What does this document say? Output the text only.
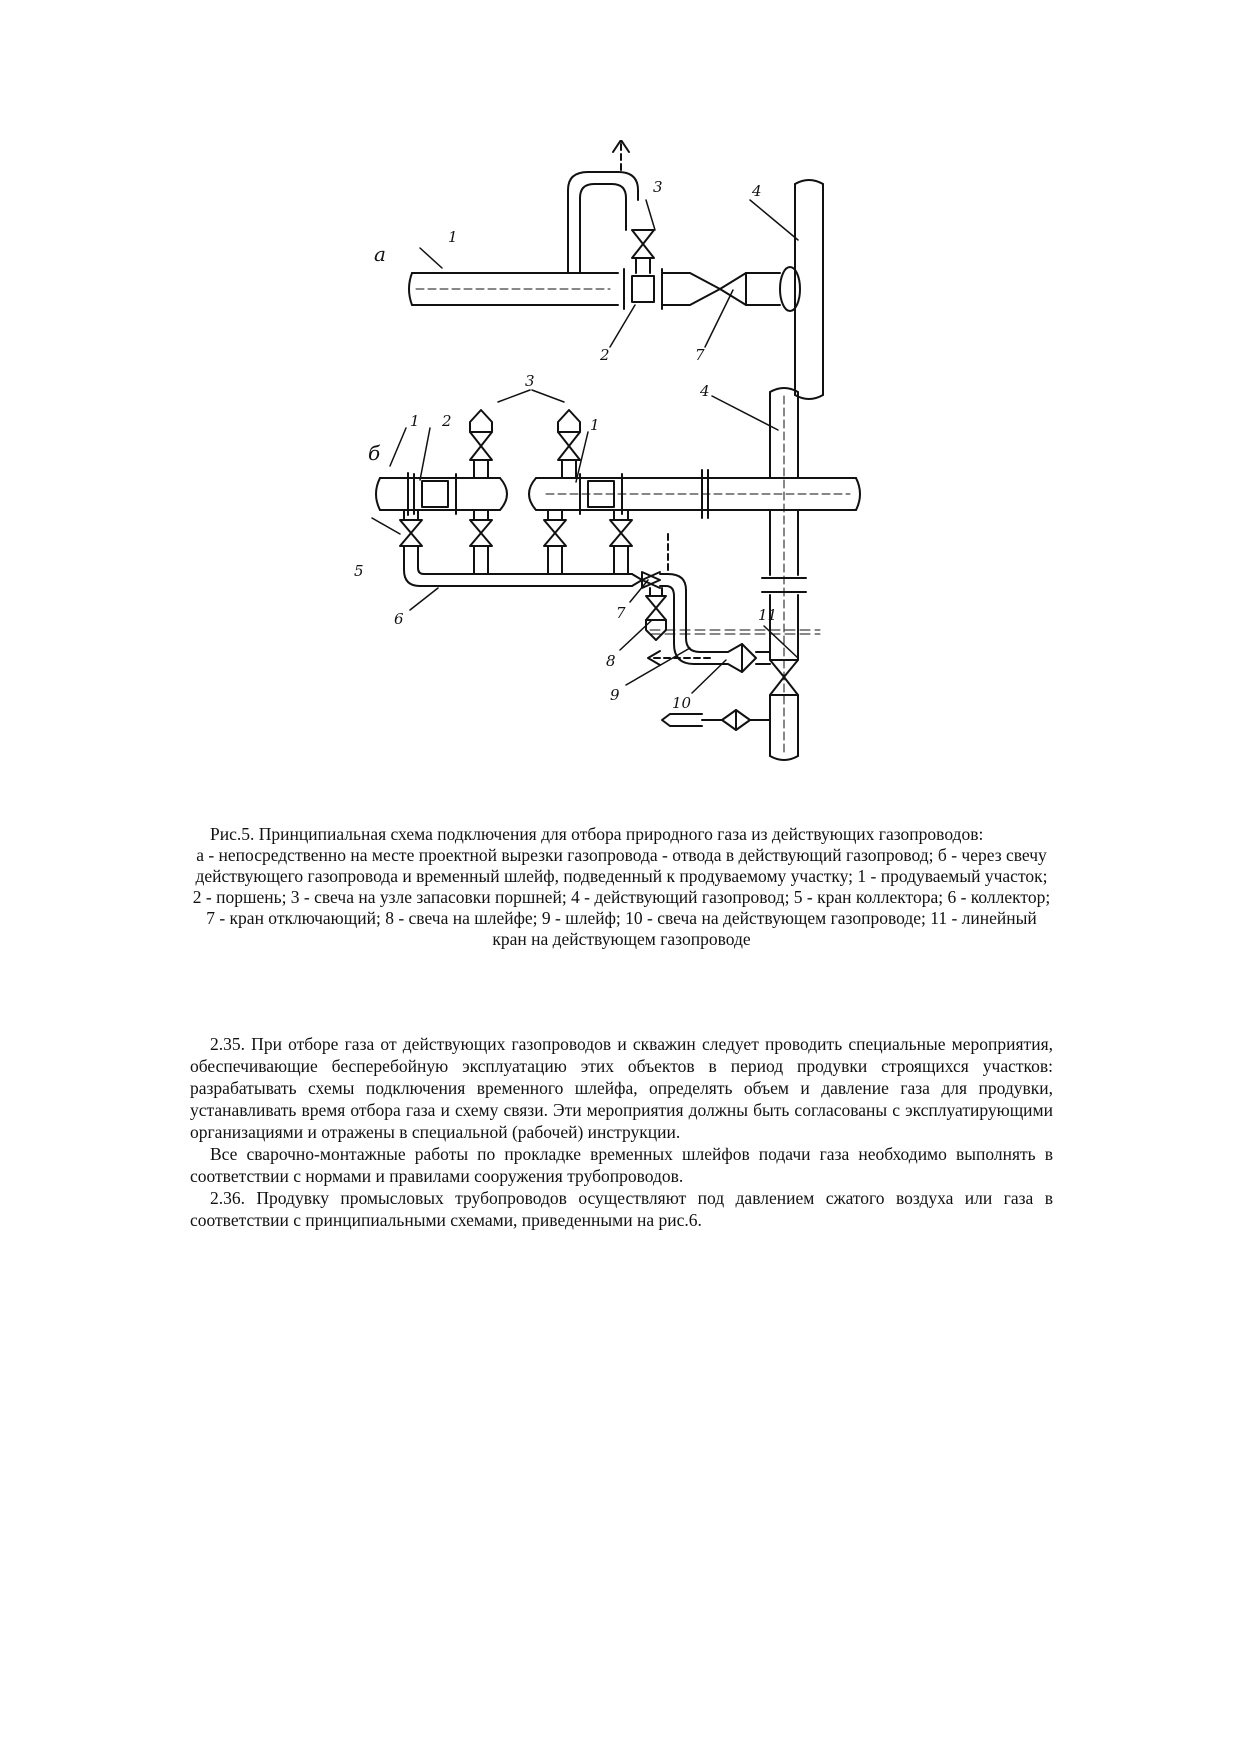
а
1
3	4
2	7
б
1 2
3
1
4
5
6	7
8
9	10
11

Рис.5. Принципиальная схема подключения для отбора природного газа из действующих газопроводов:

а - непосредственно на месте проектной вырезки газопровода - отвода в действующий газопровод; б - через свечу действующего газопровода и временный шлейф, подведенный к продуваемому участку; 1 - продуваемый участок;

2 - поршень; 3 - свеча на узле запасовки поршней; 4 - действующий газопровод; 5 - кран коллектора; 6 - коллектор; 7 - кран отключающий; 8 - свеча на шлейфе; 9 - шлейф; 10 - свеча на действующем газопроводе; 11 - линейный кран на действующем газопроводе

2.35. При отборе газа от действующих газопроводов и скважин следует проводить специальные мероприятия, обеспечивающие бесперебойную эксплуатацию этих объектов в период продувки строящихся участков: разрабатывать схемы подключения временного шлейфа, определять объем и давление газа для продувки, устанавливать время отбора газа и схему связи. Эти мероприятия должны быть согласованы с эксплуатирующими организациями и отражены в специальной (рабочей) инструкции.

Все сварочно-монтажные работы по прокладке временных шлейфов подачи газа необходимо выполнять в соответствии с нормами и правилами сооружения трубопроводов.

2.36. Продувку промысловых трубопроводов осуществляют под давлением сжатого воздуха или газа в соответствии с принципиальными схемами, приведенными на рис.6.
